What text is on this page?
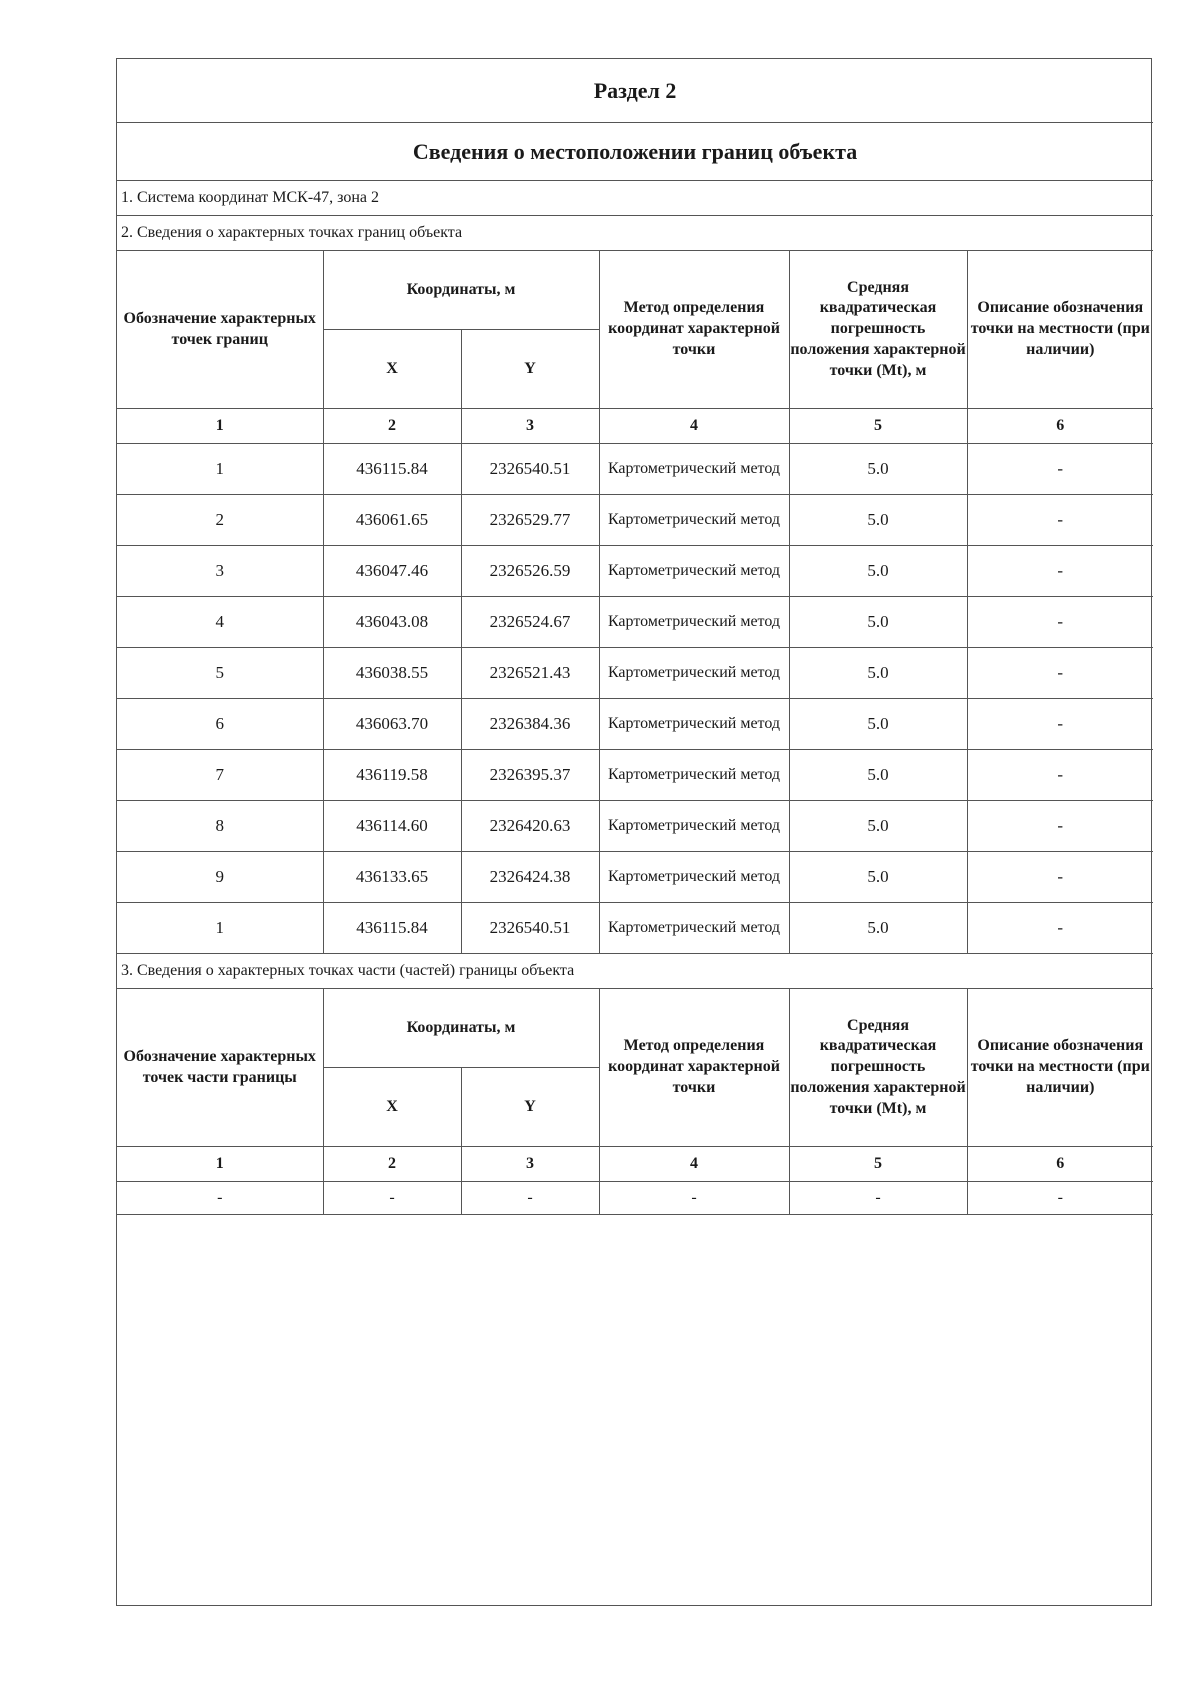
Раздел 2					
Сведения о местоположении границ объекта					
1. Система координат МСК-47, зона 2					
2. Сведения о характерных точках границ объекта					
Обозначение характерных точек границ	Координаты, м		Метод определения координат характерной точки	Средняя квадратическая погрешность положения характерной точки (Mt), м	Описание обозначения точки на местности (при наличии)
	X	Y			
1	2	3	4	5	6
1	436115.84	2326540.51	Картометрический метод	5.0	-
2	436061.65	2326529.77	Картометрический метод	5.0	-
3	436047.46	2326526.59	Картометрический метод	5.0	-
4	436043.08	2326524.67	Картометрический метод	5.0	-
5	436038.55	2326521.43	Картометрический метод	5.0	-
6	436063.70	2326384.36	Картометрический метод	5.0	-
7	436119.58	2326395.37	Картометрический метод	5.0	-
8	436114.60	2326420.63	Картометрический метод	5.0	-
9	436133.65	2326424.38	Картометрический метод	5.0	-
1	436115.84	2326540.51	Картометрический метод	5.0	-
3. Сведения о характерных точках части (частей) границы объекта					
Обозначение характерных точек части границы	Координаты, м		Метод определения координат характерной точки	Средняя квадратическая погрешность положения характерной точки (Mt), м	Описание обозначения точки на местности (при наличии)
	X	Y			
1	2	3	4	5	6
-	-	-	-	-	-
